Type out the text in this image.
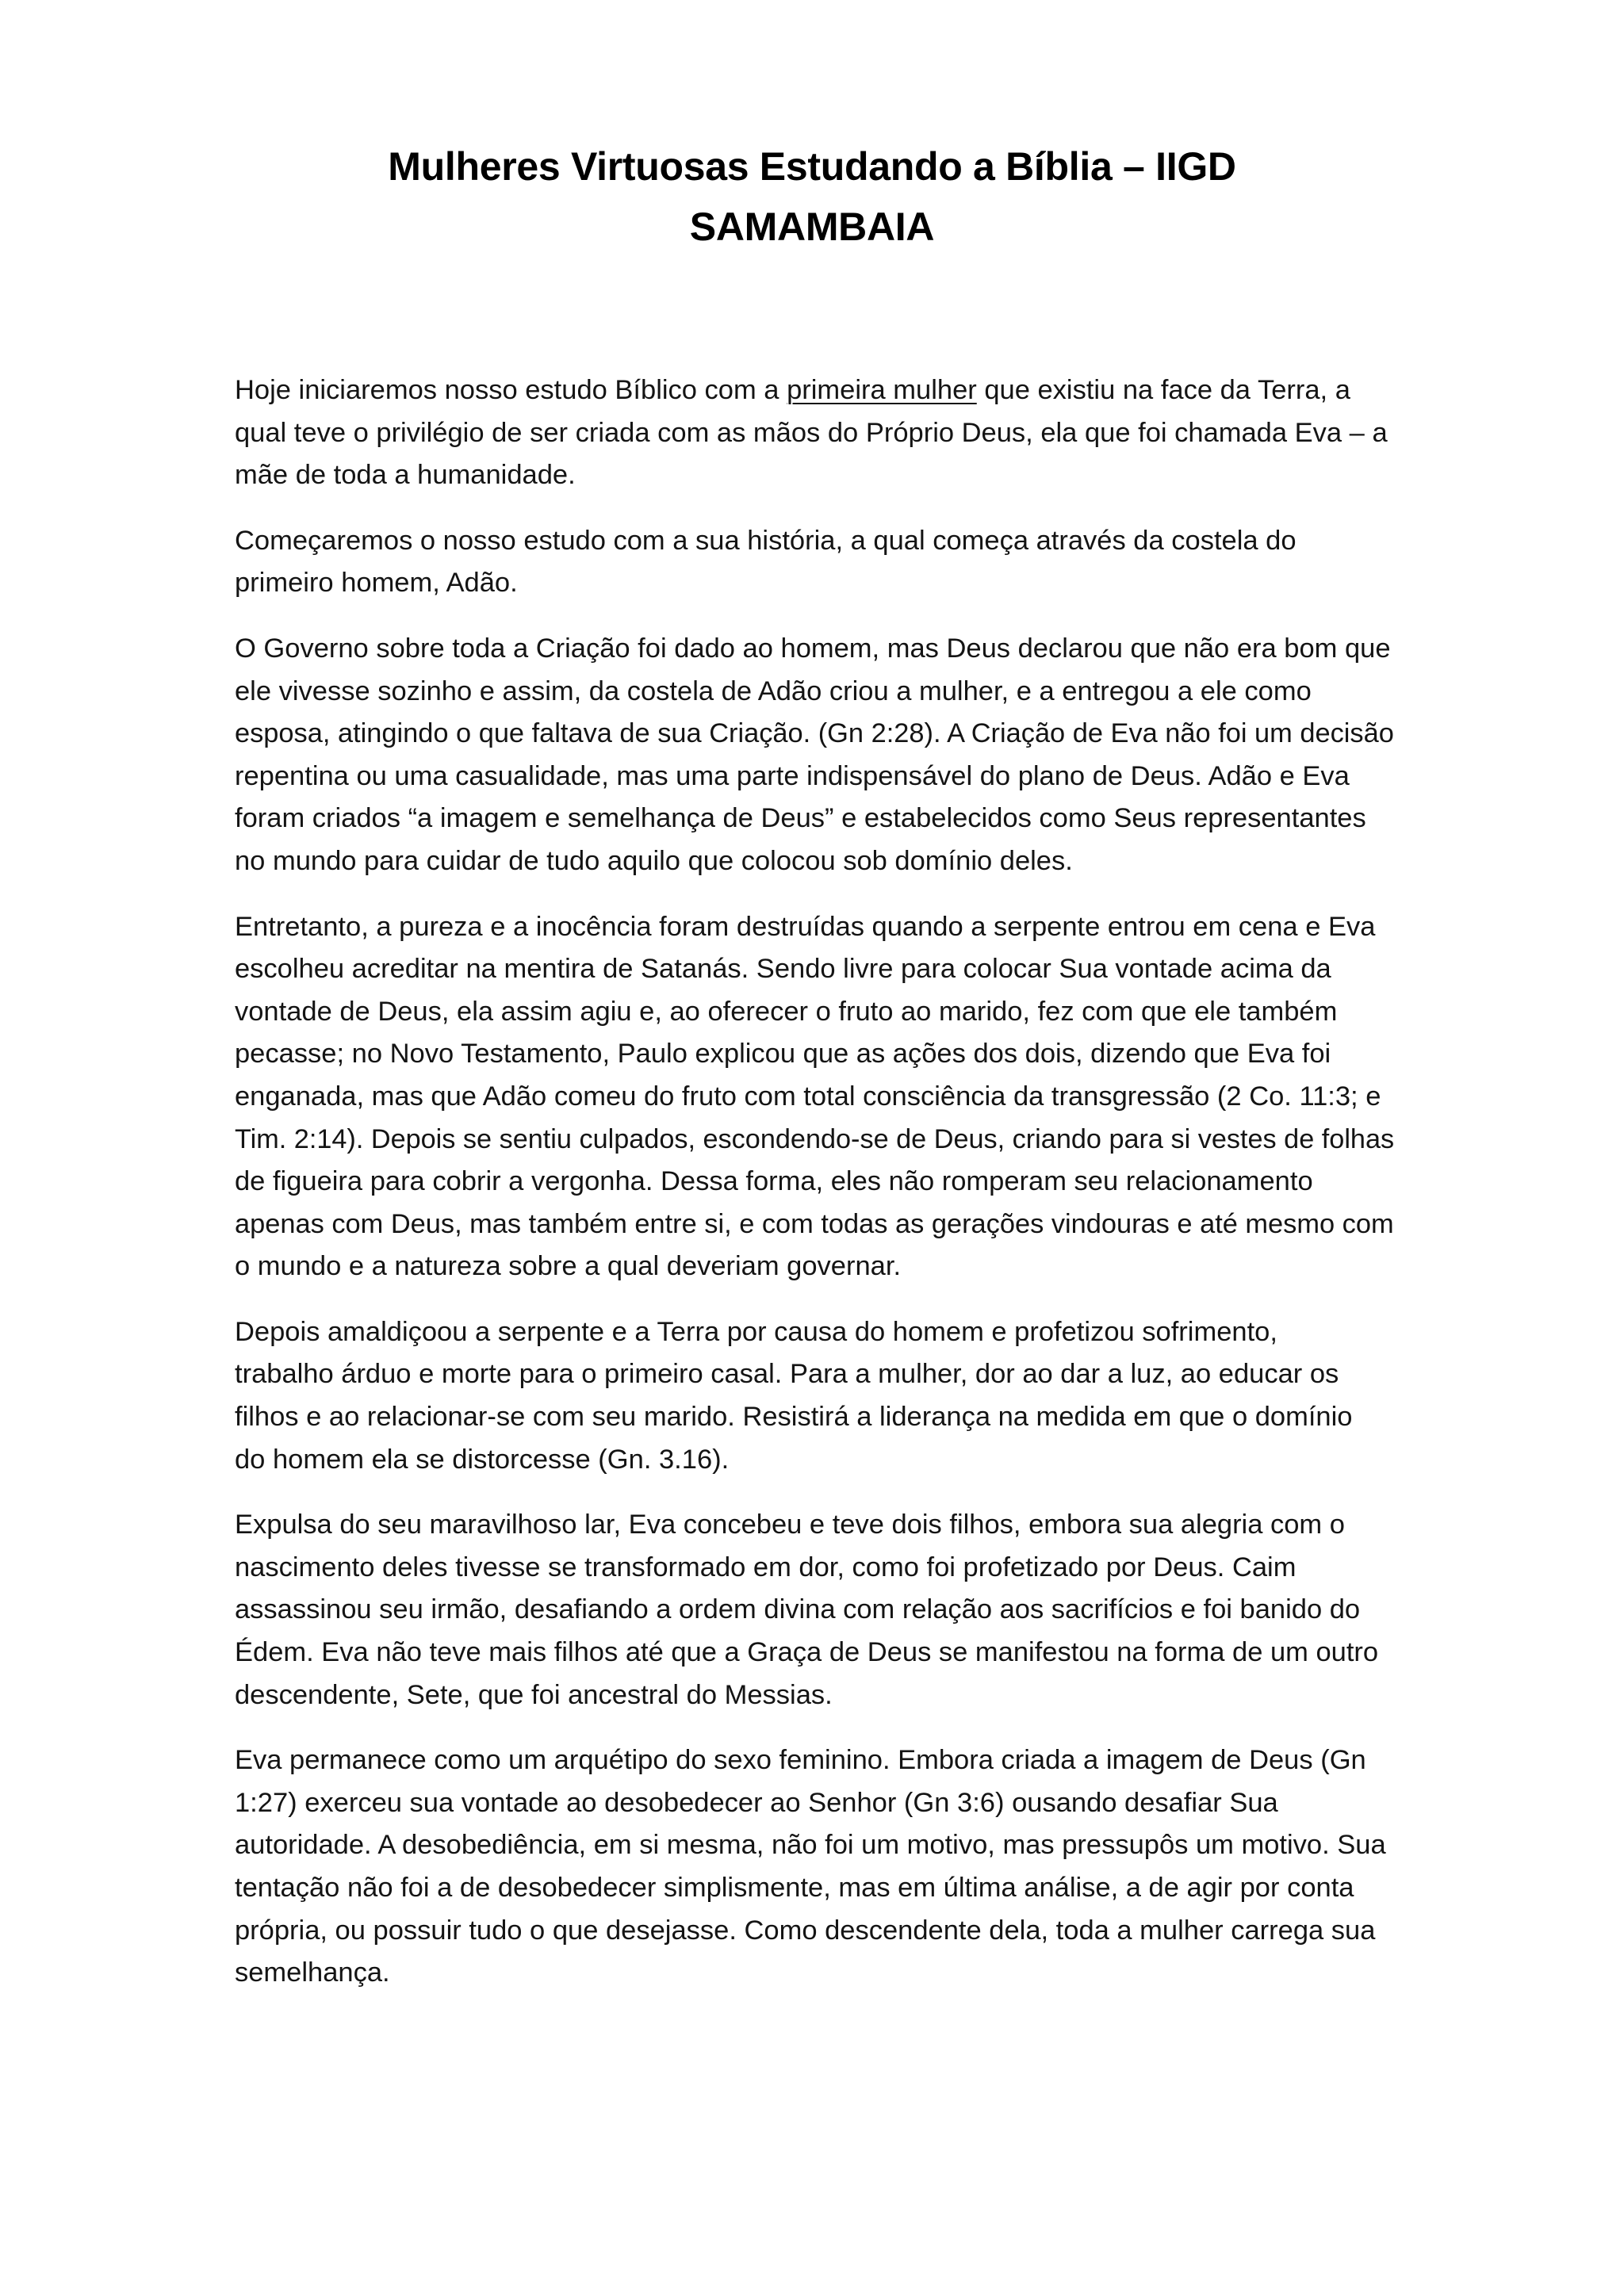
Mulheres Virtuosas Estudando a Bíblia – IIGD
SAMAMBAIA

Hoje iniciaremos nosso estudo Bíblico com a primeira mulher que existiu na face da Terra, a
qual teve o privilégio de ser criada com as mãos do Próprio Deus, ela que foi chamada Eva – a
mãe de toda a humanidade.

Começaremos o nosso estudo com a sua história, a qual começa através da costela do
primeiro homem, Adão.

O Governo sobre toda a Criação foi dado ao homem, mas Deus declarou que não era bom que
ele vivesse sozinho e assim, da costela de Adão criou a mulher, e a entregou a ele como
esposa, atingindo o que faltava de sua Criação. (Gn 2:28). A Criação de Eva não foi um decisão
repentina ou uma casualidade, mas uma parte indispensável do plano de Deus. Adão e Eva
foram criados “a imagem e semelhança de Deus” e estabelecidos como Seus representantes
no mundo para cuidar de tudo aquilo que colocou sob domínio deles.

Entretanto, a pureza e a inocência foram destruídas quando a serpente entrou em cena e Eva
escolheu acreditar na mentira de Satanás. Sendo livre para colocar Sua vontade acima da
vontade de Deus, ela assim agiu e, ao oferecer o fruto ao marido, fez com que ele também
pecasse; no Novo Testamento, Paulo explicou que as ações dos dois, dizendo que Eva foi
enganada, mas que Adão comeu do fruto com total consciência da transgressão (2 Co. 11:3; e
Tim. 2:14). Depois se sentiu culpados, escondendo-se de Deus, criando para si vestes de folhas
de figueira para cobrir a vergonha. Dessa forma, eles não romperam seu relacionamento
apenas com Deus, mas também entre si, e com todas as gerações vindouras e até mesmo com
o mundo e a natureza sobre a qual deveriam governar.

Depois amaldiçoou a serpente e a Terra por causa do homem e profetizou sofrimento,
trabalho árduo e morte para o primeiro casal. Para a mulher, dor ao dar a luz, ao educar os
filhos e ao relacionar-se com seu marido. Resistirá a liderança na medida em que o domínio
do homem ela se distorcesse (Gn. 3.16).

Expulsa do seu maravilhoso lar, Eva concebeu e teve dois filhos, embora sua alegria com o
nascimento deles tivesse se transformado em dor, como foi profetizado por Deus. Caim
assassinou seu irmão, desafiando a ordem divina com relação aos sacrifícios e foi banido do
Édem. Eva não teve mais filhos até que a Graça de Deus se manifestou na forma de um outro
descendente, Sete, que foi ancestral do Messias.

Eva permanece como um arquétipo do sexo feminino. Embora criada a imagem de Deus (Gn
1:27) exerceu sua vontade ao desobedecer ao Senhor (Gn 3:6) ousando desafiar Sua
autoridade. A desobediência, em si mesma, não foi um motivo, mas pressupôs um motivo. Sua
tentação não foi a de desobedecer simplismente, mas em última análise, a de agir por conta
própria, ou possuir tudo o que desejasse. Como descendente dela, toda a mulher carrega sua
semelhança.
